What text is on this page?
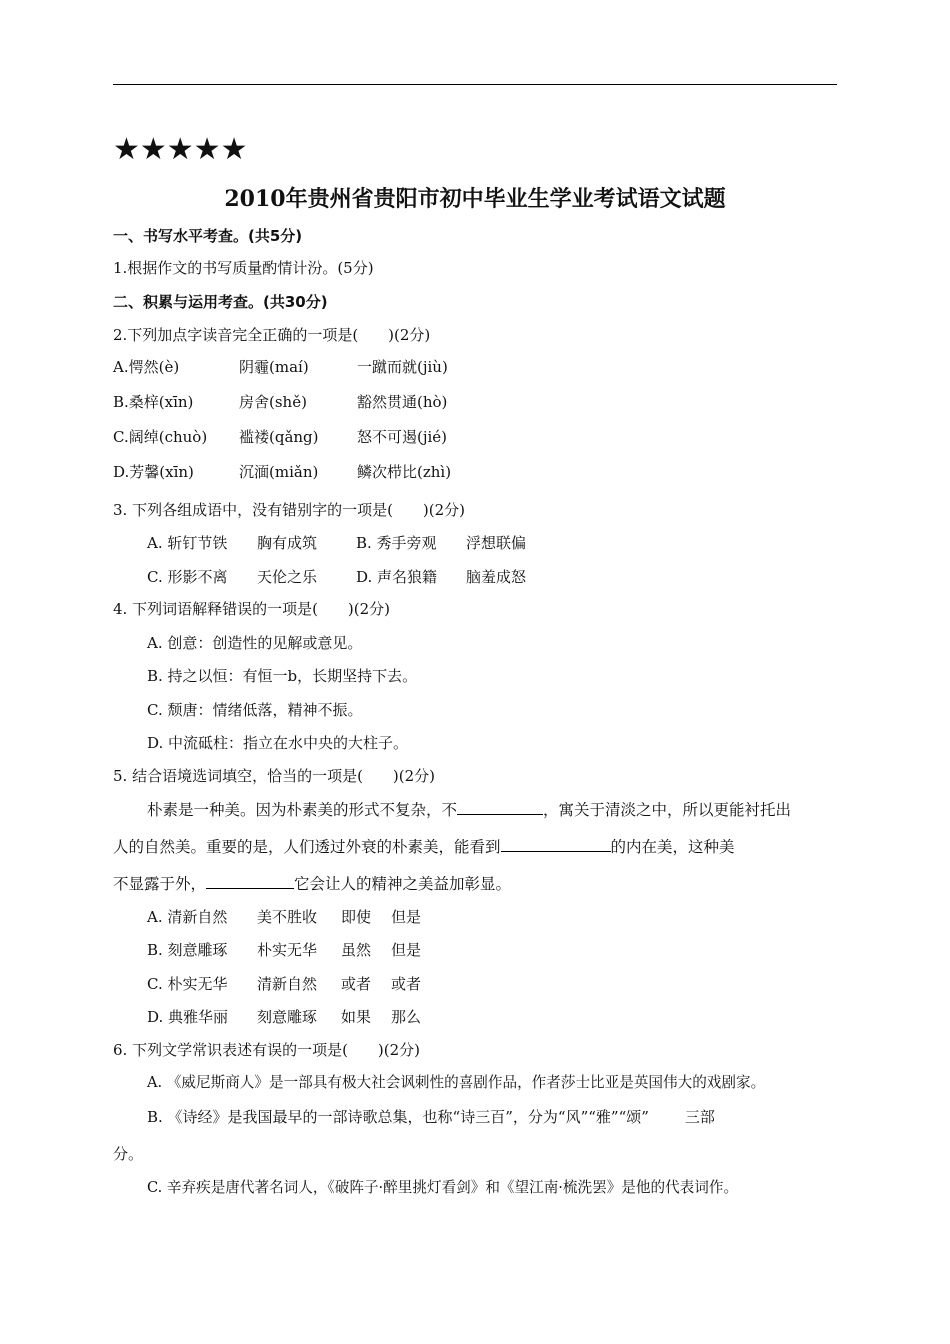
★★★★★
2010年贵州省贵阳市初中毕业生学业考试语文试题
一、书写水平考查。(共5分)
1.根据作文的书写质量酌情计汾。(5分)
二、积累与运用考查。(共30分)
2.下列加点字读音完全正确的一项是(　　)(2分)
A.愕然(è)	阴霾(maí)	一蹴而就(jiù)
B.桑梓(xīn)	房舍(shě)	豁然贯通(hò)
C.阔绰(chuò) 褴褛(qǎng)	怒不可遏(jié)
D.芳馨(xīn)	沉湎(miǎn)	鳞次栉比(zhì)
3. 下列各组成语中，没有错别字的一项是(　　)(2分)
A. 斩钉节铁 胸有成筑	B. 秀手旁观 浮想联偏
C. 形影不离 天伦之乐	D. 声名狼籍 脑羞成怒
4. 下列词语解释错误的一项是(　　)(2分)
A. 创意：创造性的见解或意见。
B. 持之以恒：有恒一b，长期坚持下去。
C. 颓唐：情绪低落，精神不振。
D. 中流砥柱：指立在水中央的大柱子。
5. 结合语境选词填空，恰当的一项是(　　)(2分)
朴素是一种美。因为朴素美的形式不复杂，不	，寓关于清淡之中，所以更能衬托出
人的自然美。重要的是，人们透过外衰的朴素美，能看到	的内在美，这种美
不显露于外，	它会让人的精神之美益加彰显。
A. 清新自然 美不胜收 即使 但是
B. 刻意雕琢 朴实无华 虽然 但是
C. 朴实无华 清新自然 或者 或者
D. 典雅华丽 刻意雕琢 如果 那么
6. 下列文学常识表述有误的一项是(　　)(2分)
A. 《威尼斯商人》是一部具有极大社会讽刺性的喜剧作品，作者莎士比亚是英国伟大的戏剧家。
B. 《诗经》是我国最早的一部诗歌总集，也称“诗三百”，分为“风”“雅”“颂” 三部
分。
C. 辛弃疾是唐代著名词人，《破阵子·醉里挑灯看剑》和《望江南·梳洗罢》是他的代表词作。
